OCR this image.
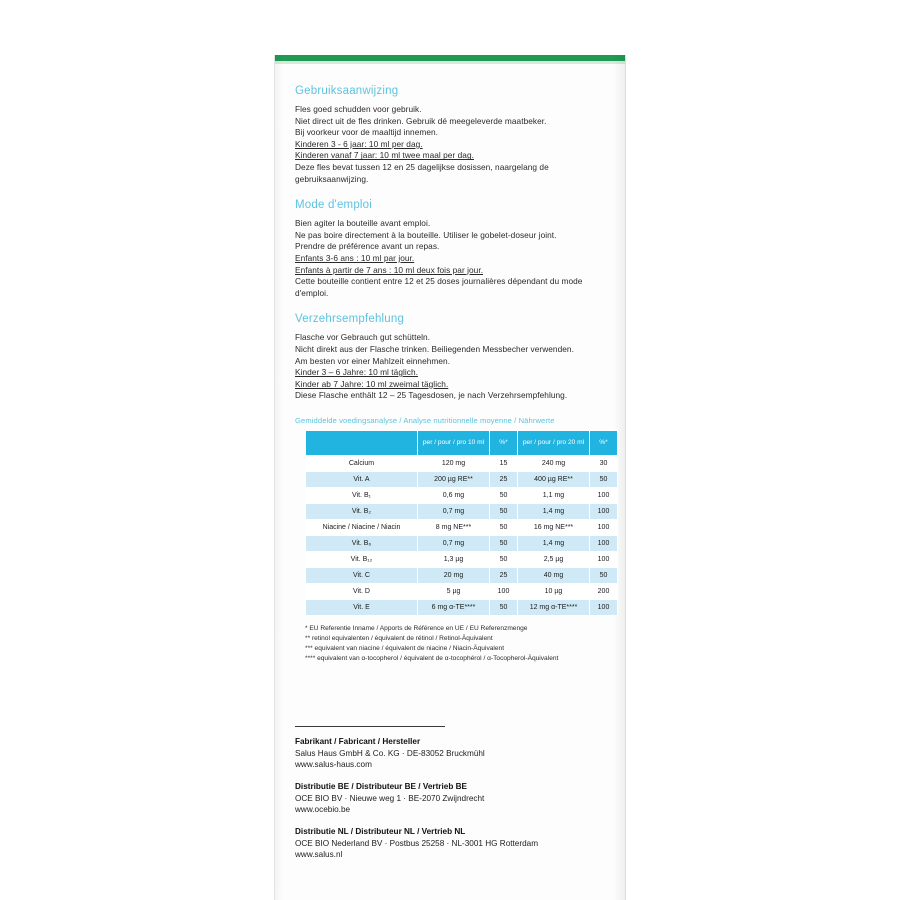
Gebruiksaanwijzing
Fles goed schudden voor gebruik.
Niet direct uit de fles drinken. Gebruik dé meegeleverde maatbeker.
Bij voorkeur voor de maaltijd innemen.
Kinderen 3 - 6 jaar: 10 ml per dag.
Kinderen vanaf 7 jaar: 10 ml twee maal per dag.
Deze fles bevat tussen 12 en 25 dagelijkse dosissen, naargelang de gebruiksaanwijzing.
Mode d'emploi
Bien agiter la bouteille avant emploi.
Ne pas boire directement à la bouteille. Utiliser le gobelet-doseur joint.
Prendre de préférence avant un repas.
Enfants 3-6 ans : 10 ml par jour.
Enfants à partir de 7 ans : 10 ml deux fois par jour.
Cette bouteille contient entre 12 et 25 doses journalières dépendant du mode d'emploi.
Verzehrsempfehlung
Flasche vor Gebrauch gut schütteln.
Nicht direkt aus der Flasche trinken. Beiliegenden Messbecher verwenden.
Am besten vor einer Mahlzeit einnehmen.
Kinder 3 – 6 Jahre: 10 ml täglich.
Kinder ab 7 Jahre: 10 ml zweimal täglich.
Diese Flasche enthält 12 – 25 Tagesdosen, je nach Verzehrsempfehlung.
Gemiddelde voedingsanalyse / Analyse nutritionnelle moyenne / Nährwerte
	per / pour / pro 10 ml	%*	per / pour / pro 20 ml	%*
Calcium	120 mg	15	240 mg	30
Vit. A	200 µg RE**	25	400 µg RE**	50
Vit. B₁	0,6 mg	50	1,1 mg	100
Vit. B₂	0,7 mg	50	1,4 mg	100
Niacine / Niacine / Niacin	8 mg NE***	50	16 mg NE***	100
Vit. B₆	0,7 mg	50	1,4 mg	100
Vit. B₁₂	1,3 µg	50	2,5 µg	100
Vit. C	20 mg	25	40 mg	50
Vit. D	5 µg	100	10 µg	200
Vit. E	6 mg α-TE****	50	12 mg α-TE****	100
* EU Referentie Inname / Apports de Référence en UE / EU Referenzmenge
** retinol equivalenten / équivalent de rétinol / Retinol-Äquivalent
*** equivalent van niacine / équivalent de niacine / Niacin-Äquivalent
**** equivalent van α-tocopherol / équivalent de α-tocophérol / α-Tocopherol-Äquivalent
Fabrikant / Fabricant / Hersteller
Salus Haus GmbH & Co. KG · DE-83052 Bruckmühl
www.salus-haus.com
Distributie BE / Distributeur BE / Vertrieb BE
OCE BIO BV · Nieuwe weg 1 · BE-2070 Zwijndrecht
www.ocebio.be
Distributie NL / Distributeur NL / Vertrieb NL
OCE BIO Nederland BV · Postbus 25258 · NL-3001 HG Rotterdam
www.salus.nl
